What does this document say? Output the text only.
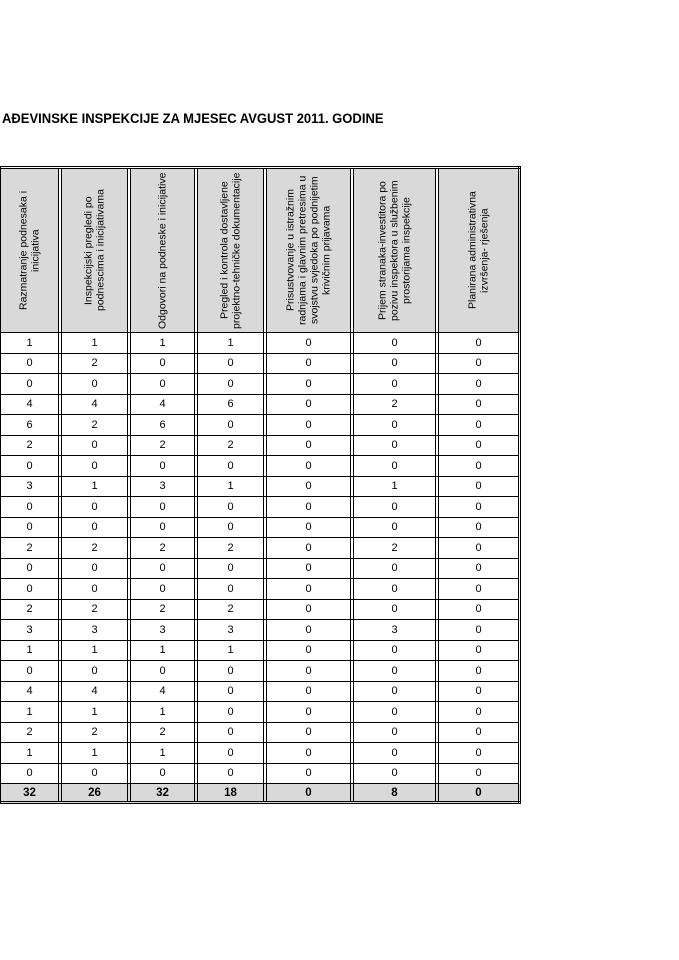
AĐEVINSKE INSPEKCIJE ZA MJESEC AVGUST 2011. GODINE
Razmatranje podnesaka i inicijativa		Inspekcijski pregledi po podnescima i inicijativama		Odgovori na podneske i inicijative		Pregled i kontrola dostavljene projektno-tehničke dokumentacije		Prisustvovanje u istražnim radnjama i glavnim pretresima u svojstvu svjedoka po podnijetim krivičnim prijavama		Prijem stranaka-investitora po pozivu inspektora u službenim prostorijama inspekcije		Planirana administrativna izvršenja- rješenja

1		1		1		1		0		0		0
0		2		0		0		0		0		0
0		0		0		0		0		0		0
4		4		4		6		0		2		0
6		2		6		0		0		0		0
2		0		2		2		0		0		0
0		0		0		0		0		0		0
3		1		3		1		0		1		0
0		0		0		0		0		0		0
0		0		0		0		0		0		0
2		2		2		2		0		2		0
0		0		0		0		0		0		0
0		0		0		0		0		0		0
2		2		2		2		0		0		0
3		3		3		3		0		3		0
1		1		1		1		0		0		0
0		0		0		0		0		0		0
4		4		4		0		0		0		0
1		1		1		0		0		0		0
2		2		2		0		0		0		0
1		1		1		0		0		0		0
0		0		0		0		0		0		0
32		26		32		18		0		8		0
